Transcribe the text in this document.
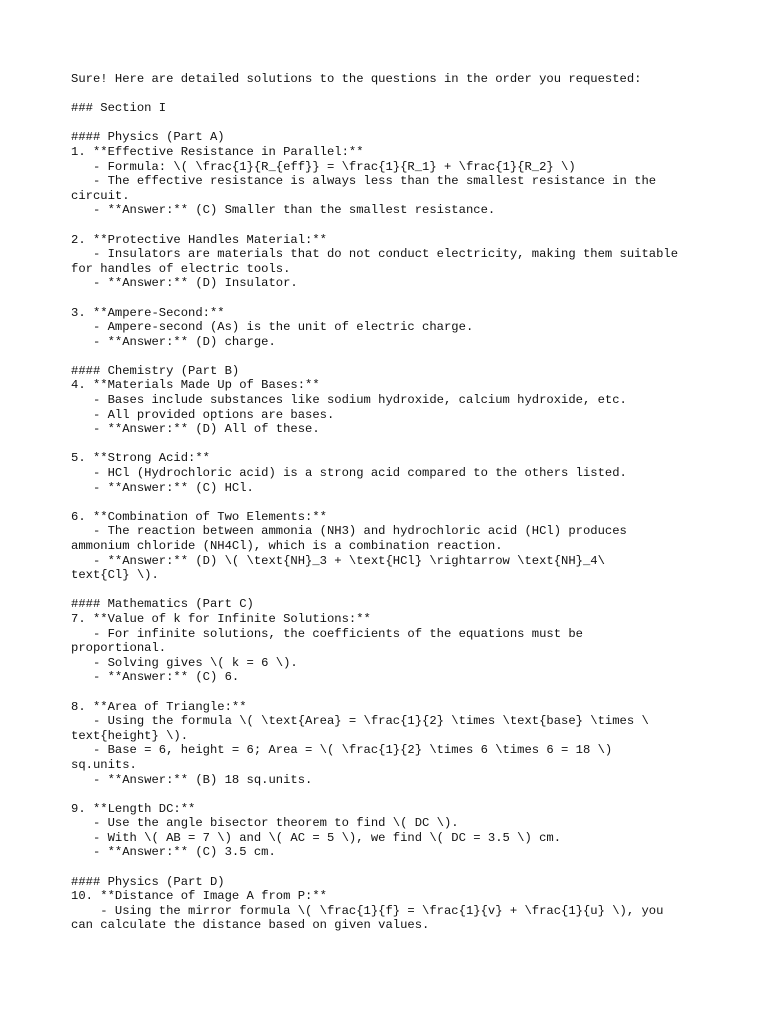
Sure! Here are detailed solutions to the questions in the order you requested:
### Section I
#### Physics (Part A)
1. **Effective Resistance in Parallel:**
- Formula: \( \frac{1}{R_{eff}} = \frac{1}{R_1} + \frac{1}{R_2} \)
- The effective resistance is always less than the smallest resistance in the
circuit.
- **Answer:** (C) Smaller than the smallest resistance.
2. **Protective Handles Material:**
- Insulators are materials that do not conduct electricity, making them suitable
for handles of electric tools.
- **Answer:** (D) Insulator.
3. **Ampere-Second:**
- Ampere-second (As) is the unit of electric charge.
- **Answer:** (D) charge.
#### Chemistry (Part B)
4. **Materials Made Up of Bases:**
- Bases include substances like sodium hydroxide, calcium hydroxide, etc.
- All provided options are bases.
- **Answer:** (D) All of these.
5. **Strong Acid:**
- HCl (Hydrochloric acid) is a strong acid compared to the others listed.
- **Answer:** (C) HCl.
6. **Combination of Two Elements:**
- The reaction between ammonia (NH3) and hydrochloric acid (HCl) produces
ammonium chloride (NH4Cl), which is a combination reaction.
- **Answer:** (D) \( \text{NH}_3 + \text{HCl} \rightarrow \text{NH}_4\
text{Cl} \).
#### Mathematics (Part C)
7. **Value of k for Infinite Solutions:**
- For infinite solutions, the coefficients of the equations must be
proportional.
- Solving gives \( k = 6 \).
- **Answer:** (C) 6.
8. **Area of Triangle:**
- Using the formula \( \text{Area} = \frac{1}{2} \times \text{base} \times \
text{height} \).
- Base = 6, height = 6; Area = \( \frac{1}{2} \times 6 \times 6 = 18 \)
sq.units.
- **Answer:** (B) 18 sq.units.
9. **Length DC:**
- Use the angle bisector theorem to find \( DC \).
- With \( AB = 7 \) and \( AC = 5 \), we find \( DC = 3.5 \) cm.
- **Answer:** (C) 3.5 cm.
#### Physics (Part D)
10. **Distance of Image A from P:**
- Using the mirror formula \( \frac{1}{f} = \frac{1}{v} + \frac{1}{u} \), you
can calculate the distance based on given values.
